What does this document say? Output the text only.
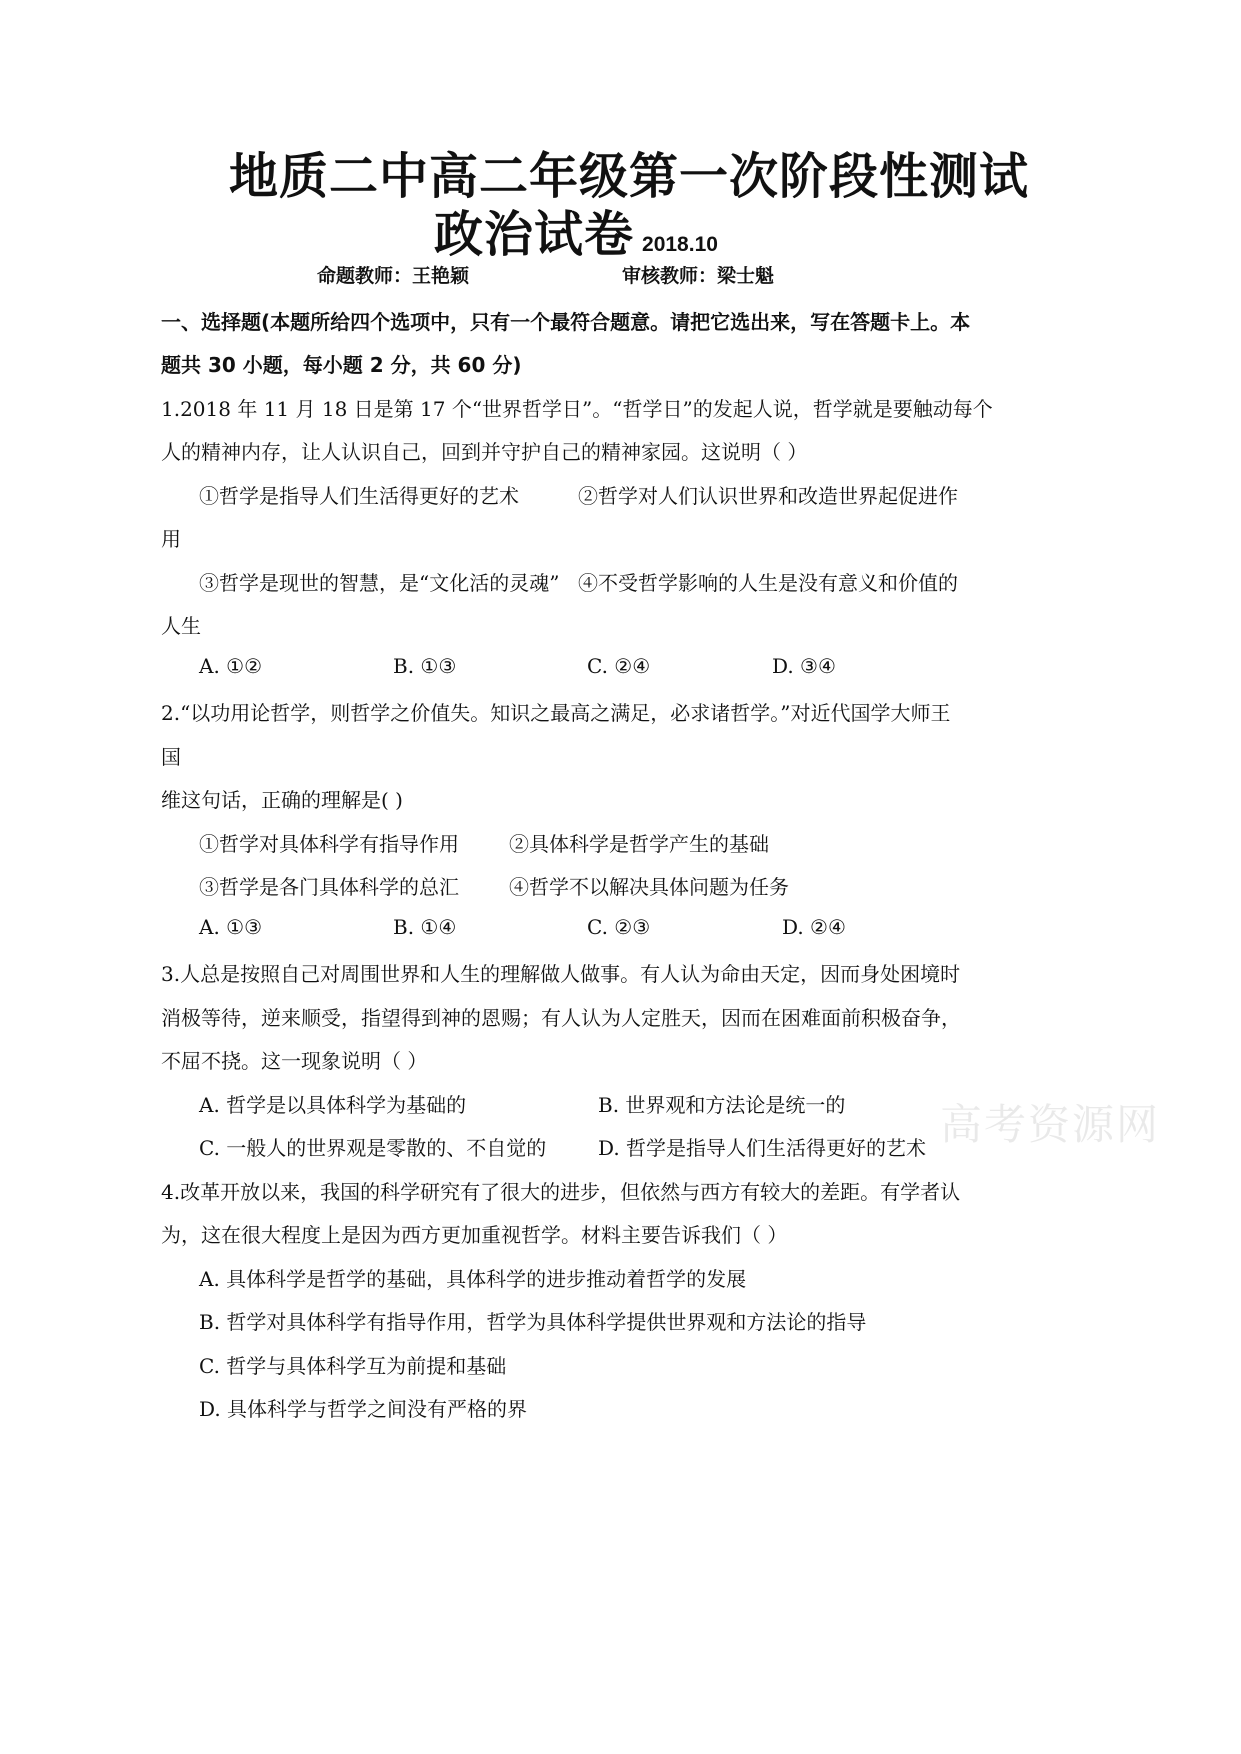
高考资源网
地质二中高二年级第一次阶段性测试
政治试卷 2018.10
命题教师：王艳颖	审核教师：梁士魁
一、选择题(本题所给四个选项中，只有一个最符合题意。请把它选出来，写在答题卡上。本
题共 30 小题，每小题 2 分，共 60 分)
1.2018 年 11 月 18 日是第 17 个“世界哲学日”。“哲学日”的发起人说，哲学就是要触动每个
人的精神内存，让人认识自己，回到并守护自己的精神家园。这说明（ ）
①哲学是指导人们生活得更好的艺术	②哲学对人们认识世界和改造世界起促进作
用
③哲学是现世的智慧，是“文化活的灵魂” ④不受哲学影响的人生是没有意义和价值的
人生
A. ①②	B. ①③	C. ②④	D. ③④
2.“以功用论哲学，则哲学之价值失。知识之最高之满足，必求诸哲学。”对近代国学大师王
国
维这句话，正确的理解是( )
①哲学对具体科学有指导作用	②具体科学是哲学产生的基础
③哲学是各门具体科学的总汇	④哲学不以解决具体问题为任务
A. ①③	B. ①④	C. ②③	D. ②④
3.人总是按照自己对周围世界和人生的理解做人做事。有人认为命由天定，因而身处困境时
消极等待，逆来顺受，指望得到神的恩赐；有人认为人定胜天，因而在困难面前积极奋争，
不屈不挠。这一现象说明（ ）
A. 哲学是以具体科学为基础的	B. 世界观和方法论是统一的
C. 一般人的世界观是零散的、不自觉的	D. 哲学是指导人们生活得更好的艺术
4.改革开放以来，我国的科学研究有了很大的进步，但依然与西方有较大的差距。有学者认
为，这在很大程度上是因为西方更加重视哲学。材料主要告诉我们（ ）
A. 具体科学是哲学的基础，具体科学的进步推动着哲学的发展
B. 哲学对具体科学有指导作用，哲学为具体科学提供世界观和方法论的指导
C. 哲学与具体科学互为前提和基础
D. 具体科学与哲学之间没有严格的界
